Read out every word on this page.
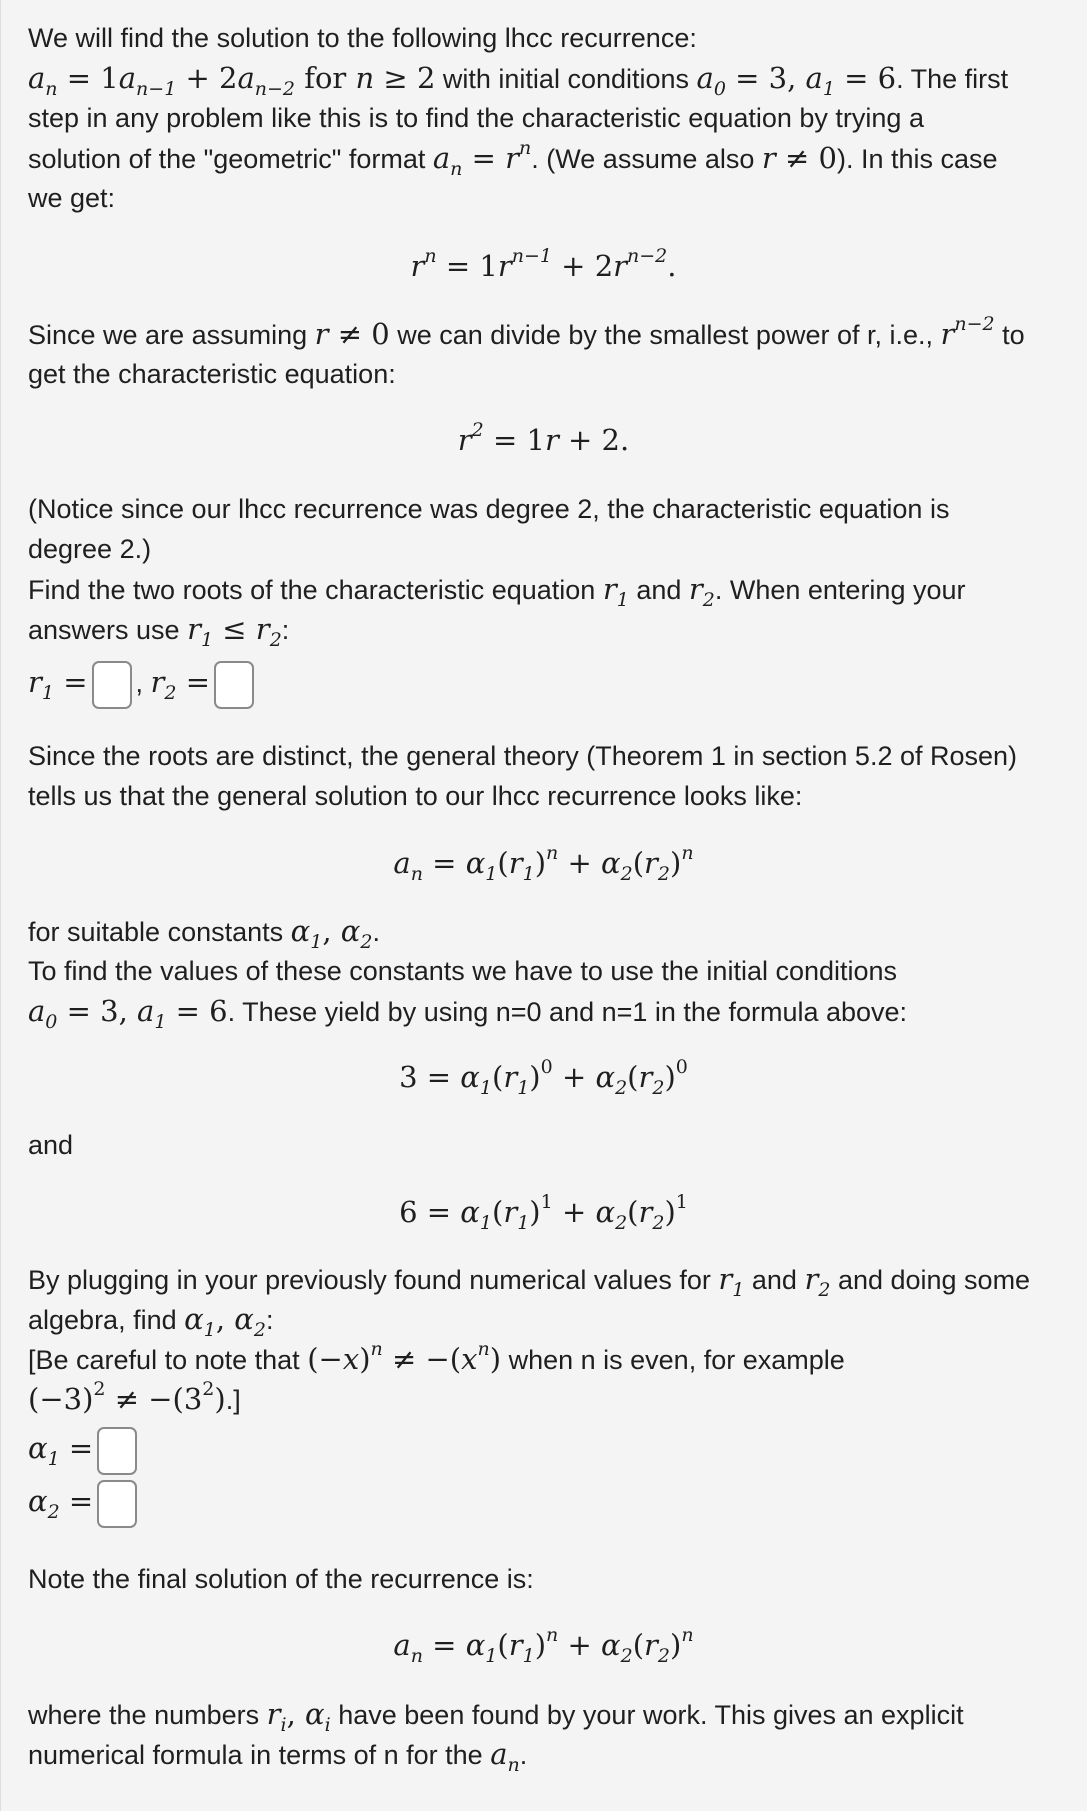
We will find the solution to the following lhcc recurrence:
$a_n = 1a_{n-1} + 2a_{n-2}$ for n ≥ 2 with initial conditions $a_0 = 3$, $a_1 = 6$. The first
step in any problem like this is to find the characteristic equation by trying a
solution of the "geometric" format $a_n = r^n$. (We assume also r ≠ 0). In this case
we get:
$r^n = 1r^{n-1} + 2r^{n-2}$.
Since we are assuming r ≠ 0 we can divide by the smallest power of r, i.e., $r^{n-2}$ to
get the characteristic equation:
$r^2 = 1r + 2$.
(Notice since our lhcc recurrence was degree 2, the characteristic equation is
degree 2.)
Find the two roots of the characteristic equation $r_1$ and $r_2$. When entering your
answers use $r_1 \le r_2$:
$r_1$ = , $r_2$ =
Since the roots are distinct, the general theory (Theorem 1 in section 5.2 of Rosen)
tells us that the general solution to our lhcc recurrence looks like:
$a_n = \alpha_1(r_1)^n + \alpha_2(r_2)^n$
for suitable constants $\alpha_1$, $\alpha_2$.
To find the values of these constants we have to use the initial conditions
$a_0 = 3$, $a_1 = 6$. These yield by using n=0 and n=1 in the formula above:
$3 = \alpha_1(r_1)^0 + \alpha_2(r_2)^0$
and
$6 = \alpha_1(r_1)^1 + \alpha_2(r_2)^1$
By plugging in your previously found numerical values for $r_1$ and $r_2$ and doing some
algebra, find $\alpha_1$, $\alpha_2$:
[Be careful to note that $(-x)^n \ne -(x^n)$ when n is even, for example
$(-3)^2 \ne -(3^2)$.]
$\alpha_1$ =
$\alpha_2$ =
Note the final solution of the recurrence is:
$a_n = \alpha_1(r_1)^n + \alpha_2(r_2)^n$
where the numbers $r_i$, $\alpha_i$ have been found by your work. This gives an explicit
numerical formula in terms of n for the $a_n$.
